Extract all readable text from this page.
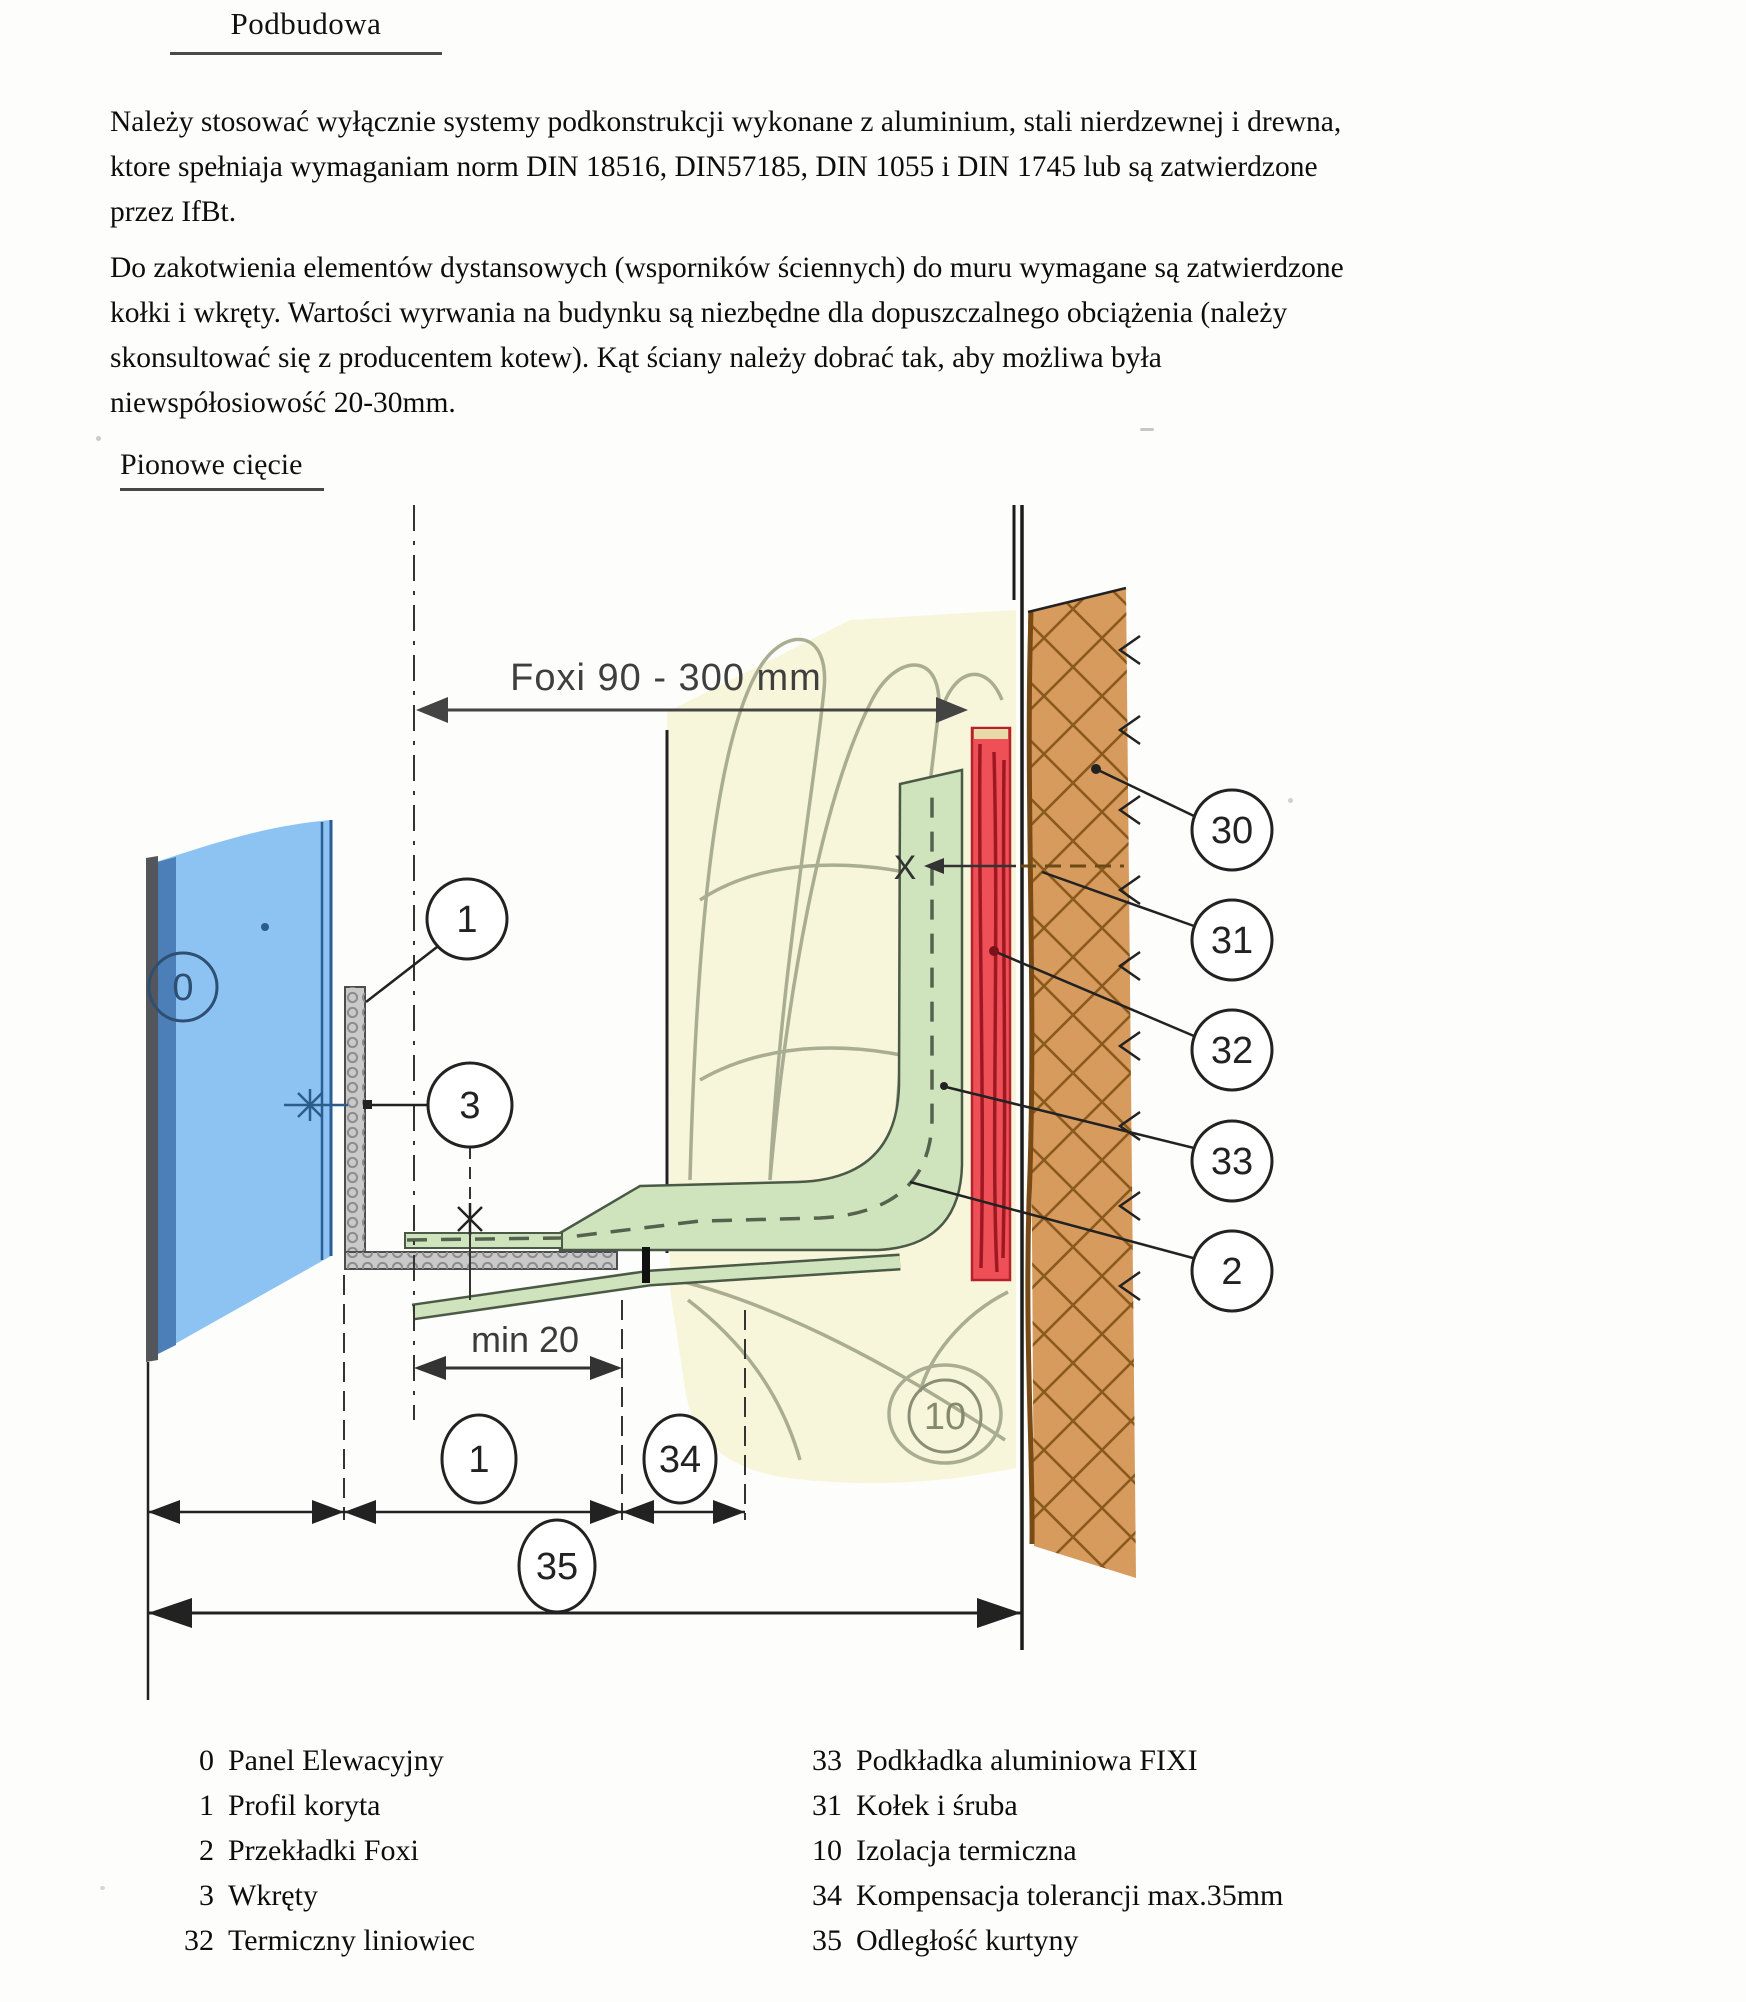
Podbudowa
Należy stosować wyłącznie systemy podkonstrukcji wykonane z aluminium, stali nierdzewnej i drewna, ktore spełniaja wymaganiam norm DIN 18516, DIN57185, DIN 1055 i DIN 1745 lub są zatwierdzone przez IfBt.
Do zakotwienia elementów dystansowych (wsporników ściennych) do muru wymagane są zatwierdzone kołki i wkręty. Wartości wyrwania na budynku są niezbędne dla dopuszczalnego obciążenia (należy skonsultować się z producentem kotew). Kąt ściany należy dobrać tak, aby możliwa była niewspółosiowość 20-30mm.
Pionowe cięcie
Foxi 90 - 300 mm
X
min 20
0
1
3
30
31
32
33
2
10
1	34
35
0 Panel Elewacyjny
1 Profil koryta
2 Przekładki Foxi
3 Wkręty
32 Termiczny liniowiec
33 Podkładka aluminiowa FIXI
31 Kołek i śruba
10 Izolacja termiczna
34 Kompensacja tolerancji max.35mm
35 Odległość kurtyny
